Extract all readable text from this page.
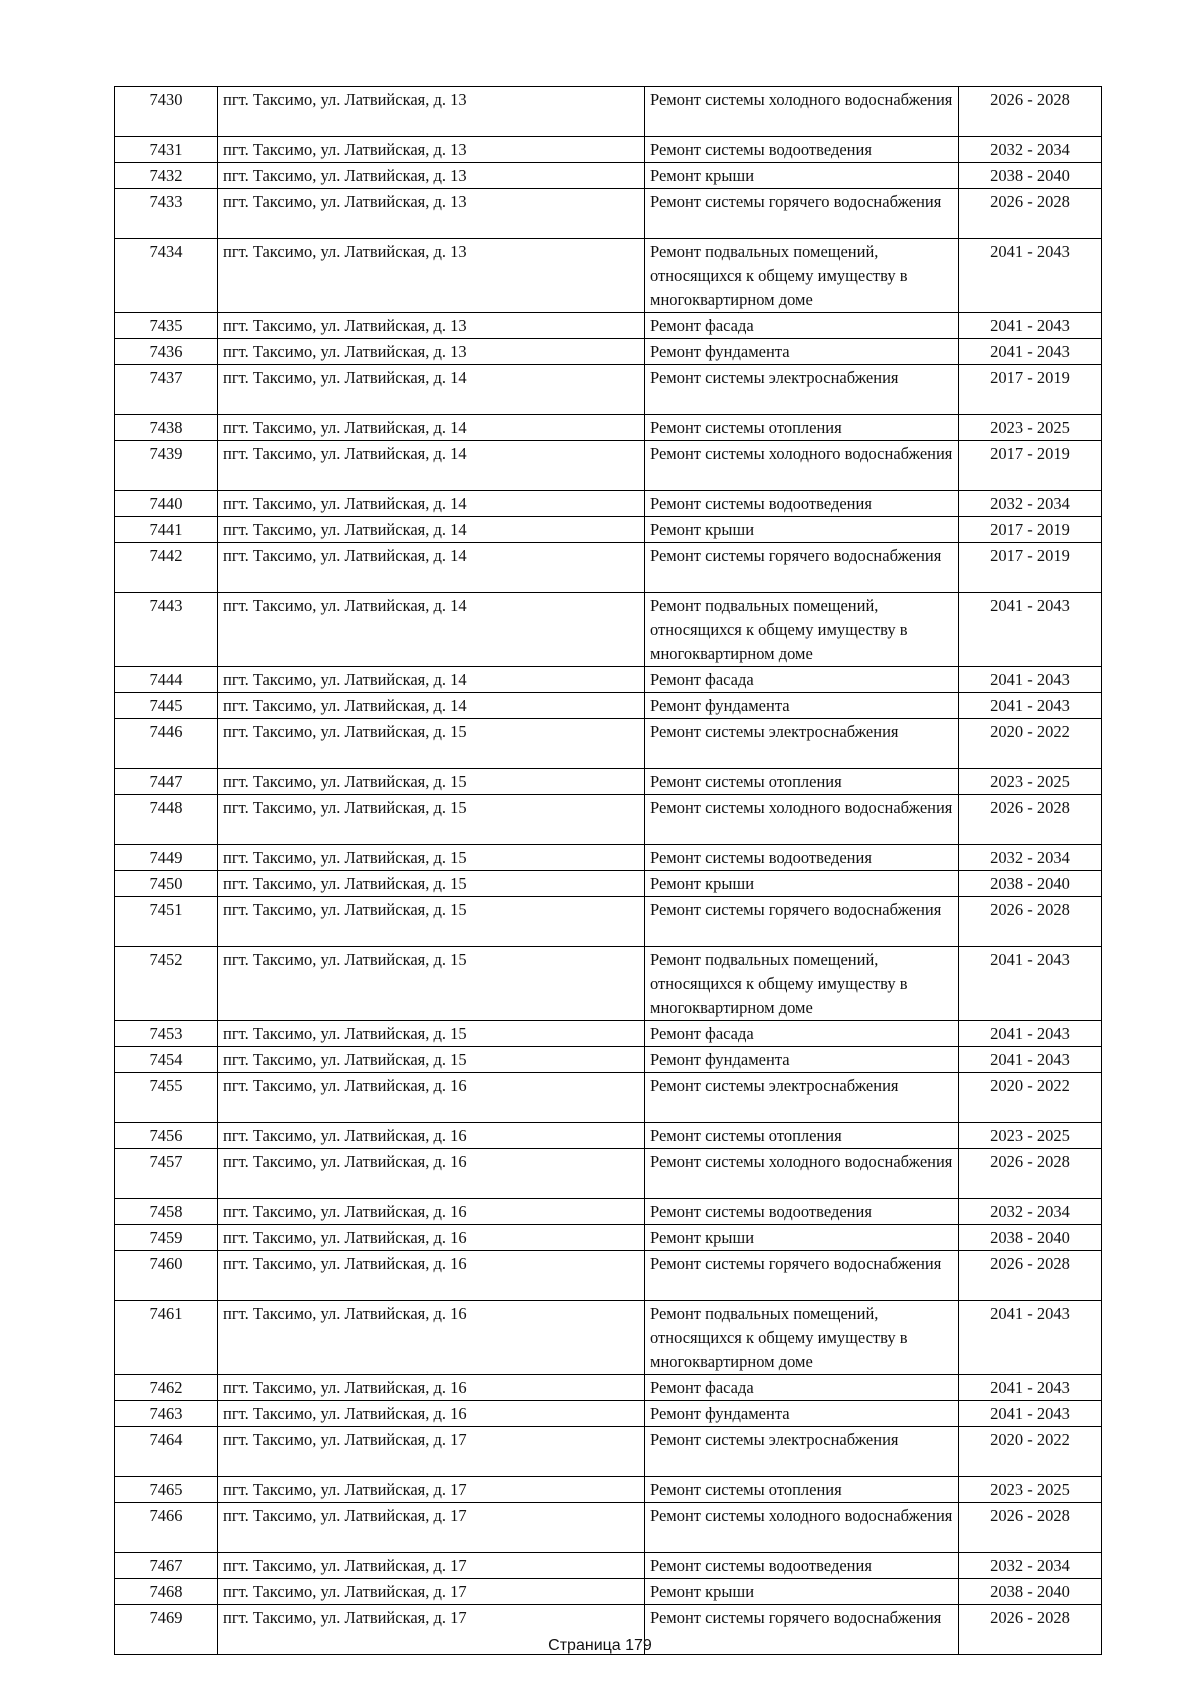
7430	пгт. Таксимо, ул. Латвийская, д. 13	Ремонт системы холодного водоснабжения	2026 - 2028
7431	пгт. Таксимо, ул. Латвийская, д. 13	Ремонт системы водоотведения	2032 - 2034
7432	пгт. Таксимо, ул. Латвийская, д. 13	Ремонт крыши	2038 - 2040
7433	пгт. Таксимо, ул. Латвийская, д. 13	Ремонт системы горячего водоснабжения	2026 - 2028
7434	пгт. Таксимо, ул. Латвийская, д. 13	Ремонт подвальных помещений, относящихся к общему имуществу в многоквартирном доме	2041 - 2043
7435	пгт. Таксимо, ул. Латвийская, д. 13	Ремонт фасада	2041 - 2043
7436	пгт. Таксимо, ул. Латвийская, д. 13	Ремонт фундамента	2041 - 2043
7437	пгт. Таксимо, ул. Латвийская, д. 14	Ремонт системы электроснабжения	2017 - 2019
7438	пгт. Таксимо, ул. Латвийская, д. 14	Ремонт системы отопления	2023 - 2025
7439	пгт. Таксимо, ул. Латвийская, д. 14	Ремонт системы холодного водоснабжения	2017 - 2019
7440	пгт. Таксимо, ул. Латвийская, д. 14	Ремонт системы водоотведения	2032 - 2034
7441	пгт. Таксимо, ул. Латвийская, д. 14	Ремонт крыши	2017 - 2019
7442	пгт. Таксимо, ул. Латвийская, д. 14	Ремонт системы горячего водоснабжения	2017 - 2019
7443	пгт. Таксимо, ул. Латвийская, д. 14	Ремонт подвальных помещений, относящихся к общему имуществу в многоквартирном доме	2041 - 2043
7444	пгт. Таксимо, ул. Латвийская, д. 14	Ремонт фасада	2041 - 2043
7445	пгт. Таксимо, ул. Латвийская, д. 14	Ремонт фундамента	2041 - 2043
7446	пгт. Таксимо, ул. Латвийская, д. 15	Ремонт системы электроснабжения	2020 - 2022
7447	пгт. Таксимо, ул. Латвийская, д. 15	Ремонт системы отопления	2023 - 2025
7448	пгт. Таксимо, ул. Латвийская, д. 15	Ремонт системы холодного водоснабжения	2026 - 2028
7449	пгт. Таксимо, ул. Латвийская, д. 15	Ремонт системы водоотведения	2032 - 2034
7450	пгт. Таксимо, ул. Латвийская, д. 15	Ремонт крыши	2038 - 2040
7451	пгт. Таксимо, ул. Латвийская, д. 15	Ремонт системы горячего водоснабжения	2026 - 2028
7452	пгт. Таксимо, ул. Латвийская, д. 15	Ремонт подвальных помещений, относящихся к общему имуществу в многоквартирном доме	2041 - 2043
7453	пгт. Таксимо, ул. Латвийская, д. 15	Ремонт фасада	2041 - 2043
7454	пгт. Таксимо, ул. Латвийская, д. 15	Ремонт фундамента	2041 - 2043
7455	пгт. Таксимо, ул. Латвийская, д. 16	Ремонт системы электроснабжения	2020 - 2022
7456	пгт. Таксимо, ул. Латвийская, д. 16	Ремонт системы отопления	2023 - 2025
7457	пгт. Таксимо, ул. Латвийская, д. 16	Ремонт системы холодного водоснабжения	2026 - 2028
7458	пгт. Таксимо, ул. Латвийская, д. 16	Ремонт системы водоотведения	2032 - 2034
7459	пгт. Таксимо, ул. Латвийская, д. 16	Ремонт крыши	2038 - 2040
7460	пгт. Таксимо, ул. Латвийская, д. 16	Ремонт системы горячего водоснабжения	2026 - 2028
7461	пгт. Таксимо, ул. Латвийская, д. 16	Ремонт подвальных помещений, относящихся к общему имуществу в многоквартирном доме	2041 - 2043
7462	пгт. Таксимо, ул. Латвийская, д. 16	Ремонт фасада	2041 - 2043
7463	пгт. Таксимо, ул. Латвийская, д. 16	Ремонт фундамента	2041 - 2043
7464	пгт. Таксимо, ул. Латвийская, д. 17	Ремонт системы электроснабжения	2020 - 2022
7465	пгт. Таксимо, ул. Латвийская, д. 17	Ремонт системы отопления	2023 - 2025
7466	пгт. Таксимо, ул. Латвийская, д. 17	Ремонт системы холодного водоснабжения	2026 - 2028
7467	пгт. Таксимо, ул. Латвийская, д. 17	Ремонт системы водоотведения	2032 - 2034
7468	пгт. Таксимо, ул. Латвийская, д. 17	Ремонт крыши	2038 - 2040
7469	пгт. Таксимо, ул. Латвийская, д. 17	Ремонт системы горячего водоснабжения	2026 - 2028
Страница 179
